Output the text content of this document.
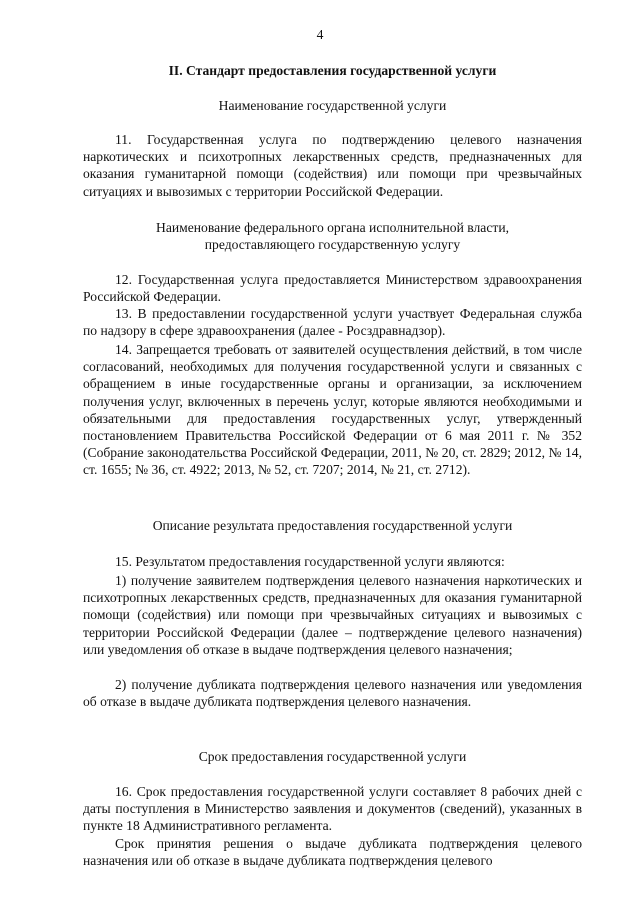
4
II. Стандарт предоставления государственной услуги
Наименование государственной услуги

11. Государственная услуга по подтверждению целевого назначения наркотических и психотропных лекарственных средств, предназначенных для оказания гуманитарной помощи (содействия) или помощи при чрезвычайных ситуациях и вывозимых с территории Российской Федерации.

Наименование федерального органа исполнительной власти,
предоставляющего государственную услугу

12. Государственная услуга предоставляется Министерством здравоохранения Российской Федерации.

13. В предоставлении государственной услуги участвует Федеральная служба по надзору в сфере здравоохранения (далее - Росздравнадзор).

14. Запрещается требовать от заявителей осуществления действий, в том числе согласований, необходимых для получения государственной услуги и связанных с обращением в иные государственные органы и организации, за исключением получения услуг, включенных в перечень услуг, которые являются необходимыми и обязательными для предоставления государственных услуг, утвержденный постановлением Правительства Российской Федерации от 6 мая 2011 г. № 352 (Собрание законодательства Российской Федерации, 2011, № 20, ст. 2829; 2012, № 14, ст. 1655; № 36, ст. 4922; 2013, № 52, ст. 7207; 2014, № 21, ст. 2712).

Описание результата предоставления государственной услуги

15. Результатом предоставления государственной услуги являются:

1) получение заявителем подтверждения целевого назначения наркотических и психотропных лекарственных средств, предназначенных для оказания гуманитарной помощи (содействия) или помощи при чрезвычайных ситуациях и вывозимых с территории Российской Федерации (далее – подтверждение целевого назначения) или уведомления об отказе в выдаче подтверждения целевого назначения;

2) получение дубликата подтверждения целевого назначения или уведомления об отказе в выдаче дубликата подтверждения целевого назначения.

Срок предоставления государственной услуги

16. Срок предоставления государственной услуги составляет 8 рабочих дней с даты поступления в Министерство заявления и документов (сведений), указанных в пункте 18 Административного регламента.

Срок принятия решения о выдаче дубликата подтверждения целевого назначения или об отказе в выдаче дубликата подтверждения целевого
